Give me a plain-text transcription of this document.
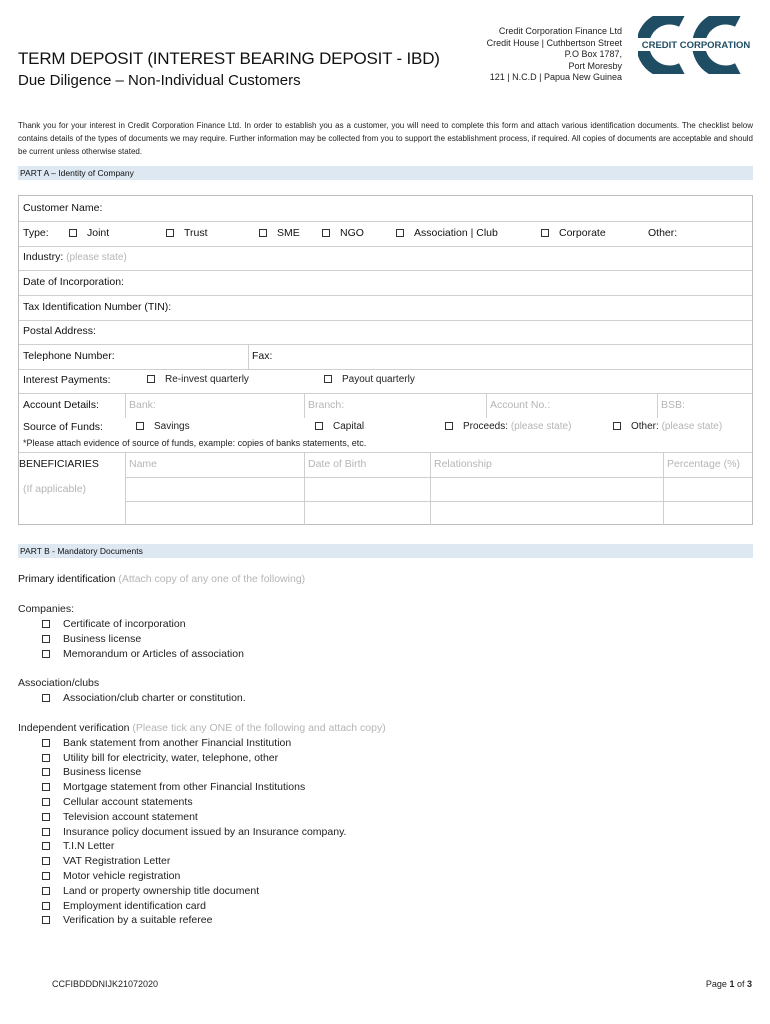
TERM DEPOSIT (INTEREST BEARING DEPOSIT - IBD)
Due Diligence – Non-Individual Customers
Credit Corporation Finance Ltd
Credit House | Cuthbertson Street
P.O Box 1787,
Port Moresby
121 | N.C.D | Papua New Guinea
CREDIT CORPORATION
Thank you for your interest in Credit Corporation Finance Ltd. In order to establish you as a customer, you will need to complete this form and attach various identification documents. The checklist below contains details of the types of documents we may require. Further information may be collected from you to support the establishment process, if required. All copies of documents are acceptable and should be current unless otherwise stated.
PART A – Identity of Company
Customer Name:
Type:	Joint	Trust	SME	NGO	Association | Club	Corporate	Other:
Industry: (please state)
Date of Incorporation:
Tax Identification Number (TIN):
Postal Address:
Telephone Number:	Fax:
Interest Payments:	Re-invest quarterly	Payout quarterly
Account Details:	Bank:	Branch:	Account No.:	BSB:
Source of Funds:	Savings	Capital	Proceeds: (please state)	Other: (please state)
*Please attach evidence of source of funds, example: copies of banks statements, etc.
BENEFICIARIES
(If applicable)
Name	Date of Birth	Relationship	Percentage (%)
PART B - Mandatory Documents
Primary identification (Attach copy of any one of the following)
Companies:
Certificate of incorporation
Business license
Memorandum or Articles of association
Association/clubs
Association/club charter or constitution.
Independent verification (Please tick any ONE of the following and attach copy)
Bank statement from another Financial Institution
Utility bill for electricity, water, telephone, other
Business license
Mortgage statement from other Financial Institutions
Cellular account statements
Television account statement
Insurance policy document issued by an Insurance company.
T.I.N Letter
VAT Registration Letter
Motor vehicle registration
Land or property ownership title document
Employment identification card
Verification by a suitable referee
CCFIBDDDNIJK21072020	Page 1 of 3
